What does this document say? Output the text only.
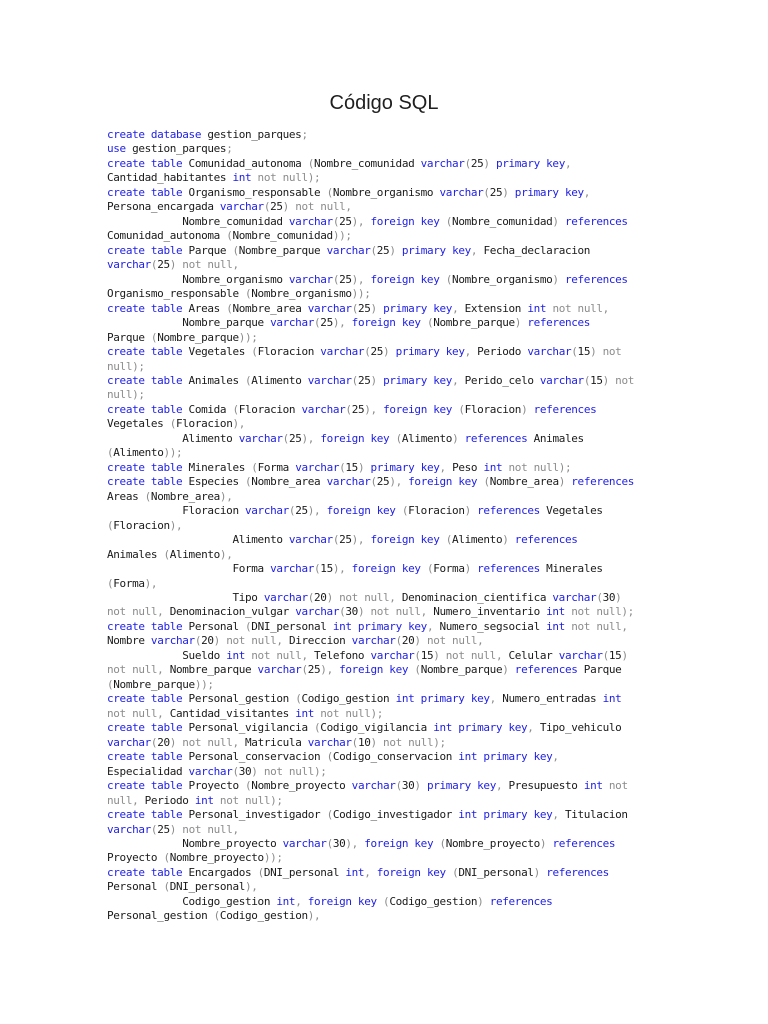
Código SQL
create database gestion_parques;
use gestion_parques;
create table Comunidad_autonoma (Nombre_comunidad varchar(25) primary key,
Cantidad_habitantes int not null);
create table Organismo_responsable (Nombre_organismo varchar(25) primary key,
Persona_encargada varchar(25) not null,
Nombre_comunidad varchar(25), foreign key (Nombre_comunidad) references
Comunidad_autonoma (Nombre_comunidad));
create table Parque (Nombre_parque varchar(25) primary key, Fecha_declaracion
varchar(25) not null,
Nombre_organismo varchar(25), foreign key (Nombre_organismo) references
Organismo_responsable (Nombre_organismo));
create table Areas (Nombre_area varchar(25) primary key, Extension int not null,
Nombre_parque varchar(25), foreign key (Nombre_parque) references
Parque (Nombre_parque));
create table Vegetales (Floracion varchar(25) primary key, Periodo varchar(15) not
null);
create table Animales (Alimento varchar(25) primary key, Perido_celo varchar(15) not
null);
create table Comida (Floracion varchar(25), foreign key (Floracion) references
Vegetales (Floracion),
Alimento varchar(25), foreign key (Alimento) references Animales
(Alimento));
create table Minerales (Forma varchar(15) primary key, Peso int not null);
create table Especies (Nombre_area varchar(25), foreign key (Nombre_area) references
Areas (Nombre_area),
Floracion varchar(25), foreign key (Floracion) references Vegetales
(Floracion),
Alimento varchar(25), foreign key (Alimento) references
Animales (Alimento),
Forma varchar(15), foreign key (Forma) references Minerales
(Forma),
Tipo varchar(20) not null, Denominacion_cientifica varchar(30)
not null, Denominacion_vulgar varchar(30) not null, Numero_inventario int not null);
create table Personal (DNI_personal int primary key, Numero_segsocial int not null,
Nombre varchar(20) not null, Direccion varchar(20) not null,
Sueldo int not null, Telefono varchar(15) not null, Celular varchar(15)
not null, Nombre_parque varchar(25), foreign key (Nombre_parque) references Parque
(Nombre_parque));
create table Personal_gestion (Codigo_gestion int primary key, Numero_entradas int
not null, Cantidad_visitantes int not null);
create table Personal_vigilancia (Codigo_vigilancia int primary key, Tipo_vehiculo
varchar(20) not null, Matricula varchar(10) not null);
create table Personal_conservacion (Codigo_conservacion int primary key,
Especialidad varchar(30) not null);
create table Proyecto (Nombre_proyecto varchar(30) primary key, Presupuesto int not
null, Periodo int not null);
create table Personal_investigador (Codigo_investigador int primary key, Titulacion
varchar(25) not null,
Nombre_proyecto varchar(30), foreign key (Nombre_proyecto) references
Proyecto (Nombre_proyecto));
create table Encargados (DNI_personal int, foreign key (DNI_personal) references
Personal (DNI_personal),
Codigo_gestion int, foreign key (Codigo_gestion) references
Personal_gestion (Codigo_gestion),
